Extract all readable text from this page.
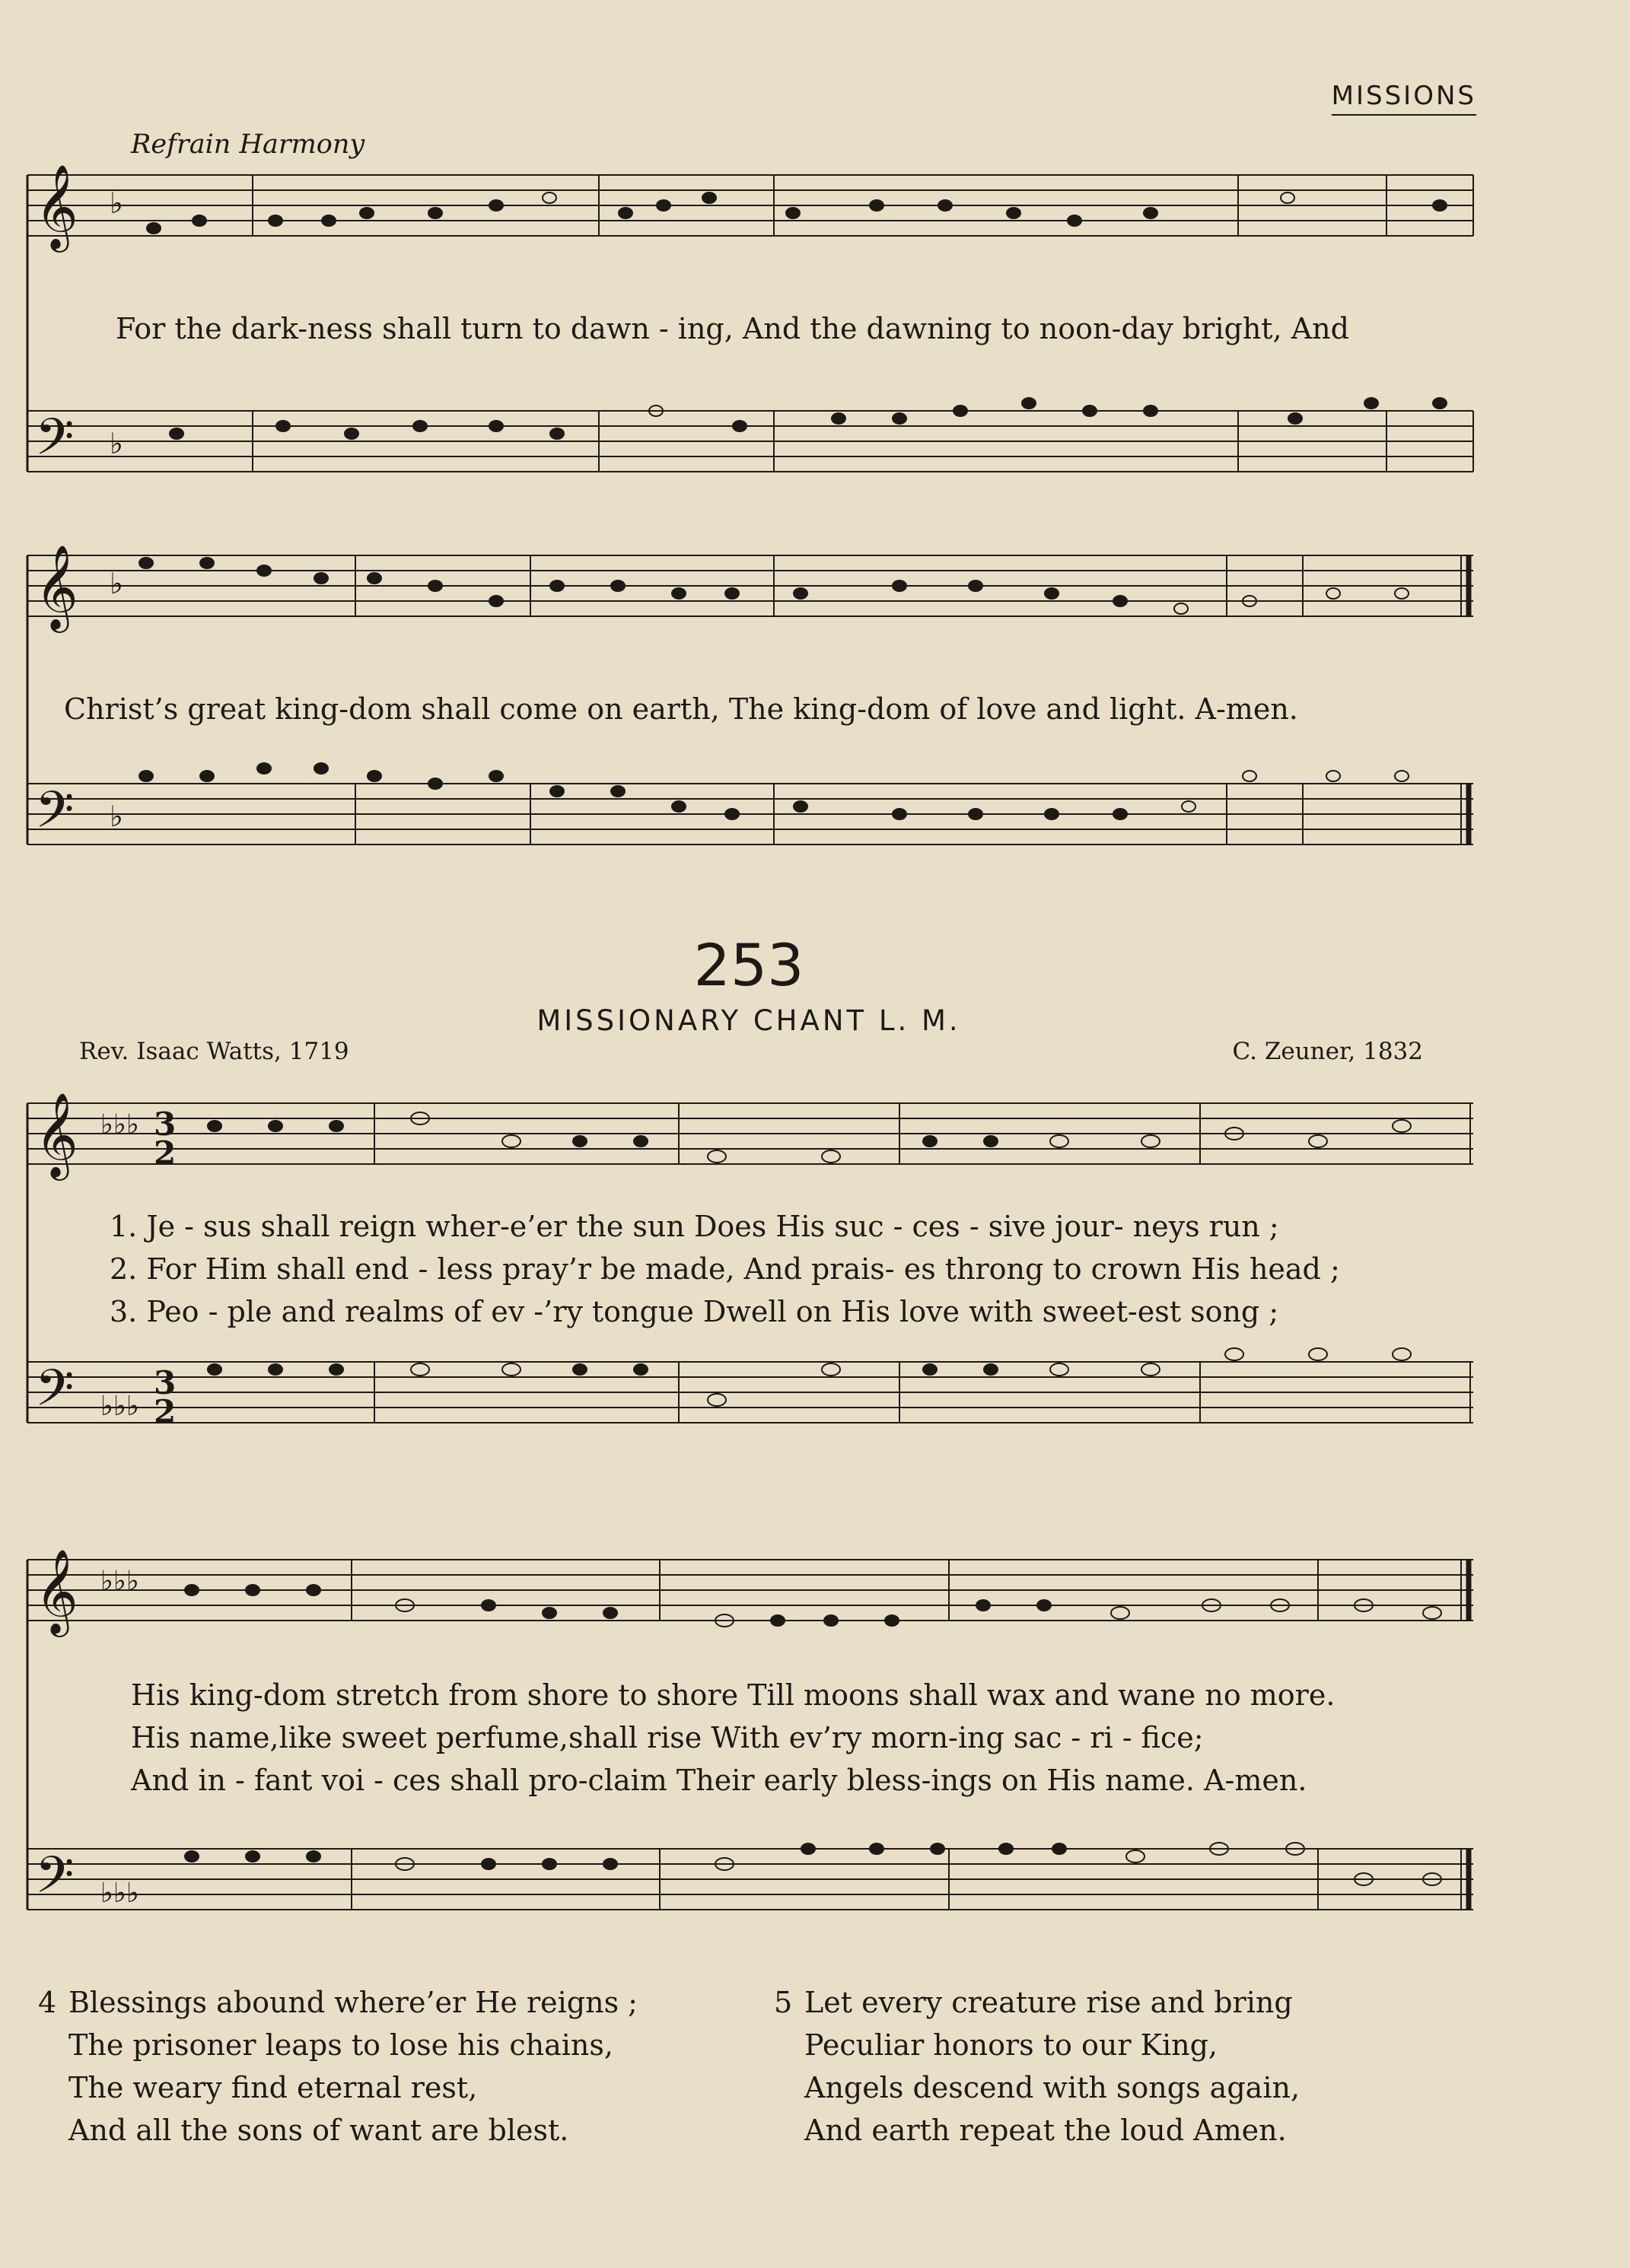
MISSIONS
Refrain Harmony
𝄞 ♭
𝄢 ♭
For the dark-ness shall turn to dawn - ing, And the dawning to noon-day bright, And
𝄞 ♭
𝄢 ♭
Christ’s great king-dom shall come on earth, The king-dom of love and light. A-men.
253
MISSIONARY CHANT L. M.
Rev. Isaac Watts, 1719	C. Zeuner, 1832
𝄞 ♭♭♭
𝄢 ♭♭♭
3
2
3
2
1. Je - sus shall reign wher-e’er the sun Does His suc - ces - sive jour- neys run ;
2. For Him shall end - less pray’r be made, And prais- es throng to crown His head ;
3. Peo - ple and realms of ev -’ry tongue Dwell on His love with sweet-est song ;
𝄞 ♭♭♭
𝄢 ♭♭♭
His king-dom stretch from shore to shore Till moons shall wax and wane no more.
His name,like sweet perfume,shall rise With ev’ry morn-ing sac - ri - fice;
And in - fant voi - ces shall pro-claim Their early bless-ings on His name. A-men.
4 Blessings abound where’er He reigns ;
The prisoner leaps to lose his chains,
The weary find eternal rest,
And all the sons of want are blest.
5 Let every creature rise and bring
Peculiar honors to our King,
Angels descend with songs again,
And earth repeat the loud Amen.
